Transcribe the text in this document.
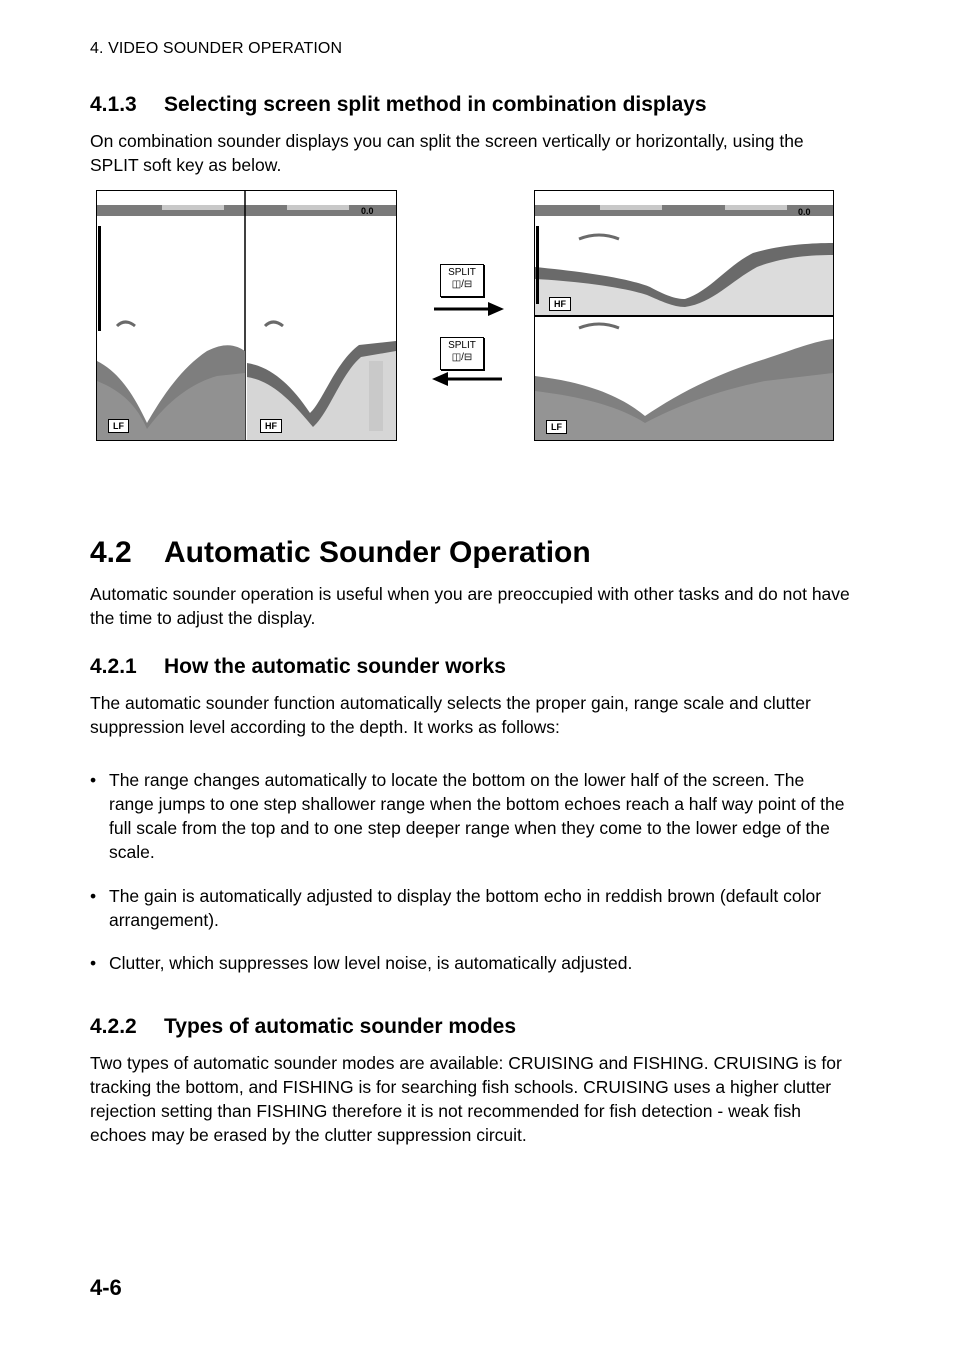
4. VIDEO SOUNDER OPERATION
4.1.3 Selecting screen split method in combination displays

On combination sounder displays you can split the screen vertically or horizontally, using the SPLIT soft key as below.

0.0
LF	HF
SPLIT
◫/⊟
SPLIT
◫/⊟
0.0
HF
LF
4.2 Automatic Sounder Operation

Automatic sounder operation is useful when you are preoccupied with other tasks and do not have the time to adjust the display.

4.2.1 How the automatic sounder works

The automatic sounder function automatically selects the proper gain, range scale and clutter suppression level according to the depth. It works as follows:

• The range changes automatically to locate the bottom on the lower half of the screen. The range jumps to one step shallower range when the bottom echoes reach a half way point of the full scale from the top and to one step deeper range when they come to the lower edge of the scale.
• The gain is automatically adjusted to display the bottom echo in reddish brown (default color arrangement).
• Clutter, which suppresses low level noise, is automatically adjusted.
4.2.2 Types of automatic sounder modes

Two types of automatic sounder modes are available: CRUISING and FISHING. CRUISING is for tracking the bottom, and FISHING is for searching fish schools. CRUISING uses a higher clutter rejection setting than FISHING therefore it is not recommended for fish detection - weak fish echoes may be erased by the clutter suppression circuit.

4-6
